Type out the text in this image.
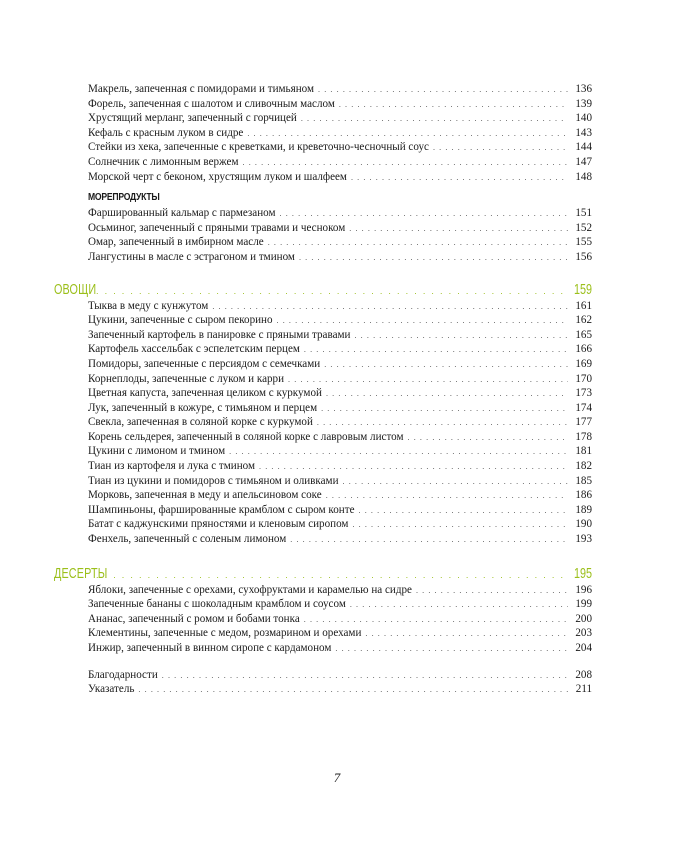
Макрель, запеченная с помидорами и тимьяном . . .	136
Форель, запеченная с шалотом и сливочным маслом . . .	139
Хрустящий мерланг, запеченный с горчицей . . .	140
Кефаль с красным луком в сидре . . .	143
Стейки из хека, запеченные с креветками, и креветочно-чесночный соус . . .	144
Солнечник с лимонным вержем . . .	147
Морской черт с беконом, хрустящим луком и шалфеем . . .	148
МОРЕПРОДУКТЫ
Фаршированный кальмар с пармезаном . . .	151
Осьминог, запеченный с пряными травами и чесноком . . .	152
Омар, запеченный в имбирном масле . . .	155
Лангустины в масле с эстрагоном и тмином . . .	156
ОВОЩИ . . .	159
Тыква в меду с кунжутом . . .	161
Цукини, запеченные с сыром пекорино . . .	162
Запеченный картофель в панировке с пряными травами . . .	165
Картофель хассельбак с эспелетским перцем . . .	166
Помидоры, запеченные с персиядом с семечками . . .	169
Корнеплоды, запеченные с луком и карри . . .	170
Цветная капуста, запеченная целиком с куркумой . . .	173
Лук, запеченный в кожуре, с тимьяном и перцем . . .	174
Свекла, запеченная в соляной корке с куркумой . . .	177
Корень сельдерея, запеченный в соляной корке с лавровым листом . . .	178
Цукини с лимоном и тмином . . .	181
Тиан из картофеля и лука с тмином . . .	182
Тиан из цукини и помидоров с тимьяном и оливками . . .	185
Морковь, запеченная в меду и апельсиновом соке . . .	186
Шампиньоны, фаршированные крамблом с сыром конте . . .	189
Батат с каджунскими пряностями и кленовым сиропом . . .	190
Фенхель, запеченный с соленым лимоном . . .	193
ДЕСЕРТЫ . . .	195
Яблоки, запеченные с орехами, сухофруктами и карамелью на сидре . . .	196
Запеченные бананы с шоколадным крамблом и соусом . . .	199
Ананас, запеченный с ромом и бобами тонка . . .	200
Клементины, запеченные с медом, розмарином и орехами . . .	203
Инжир, запеченный в винном сиропе с кардамоном . . .	204
Благодарности . . .	208
Указатель . . .	211
7
